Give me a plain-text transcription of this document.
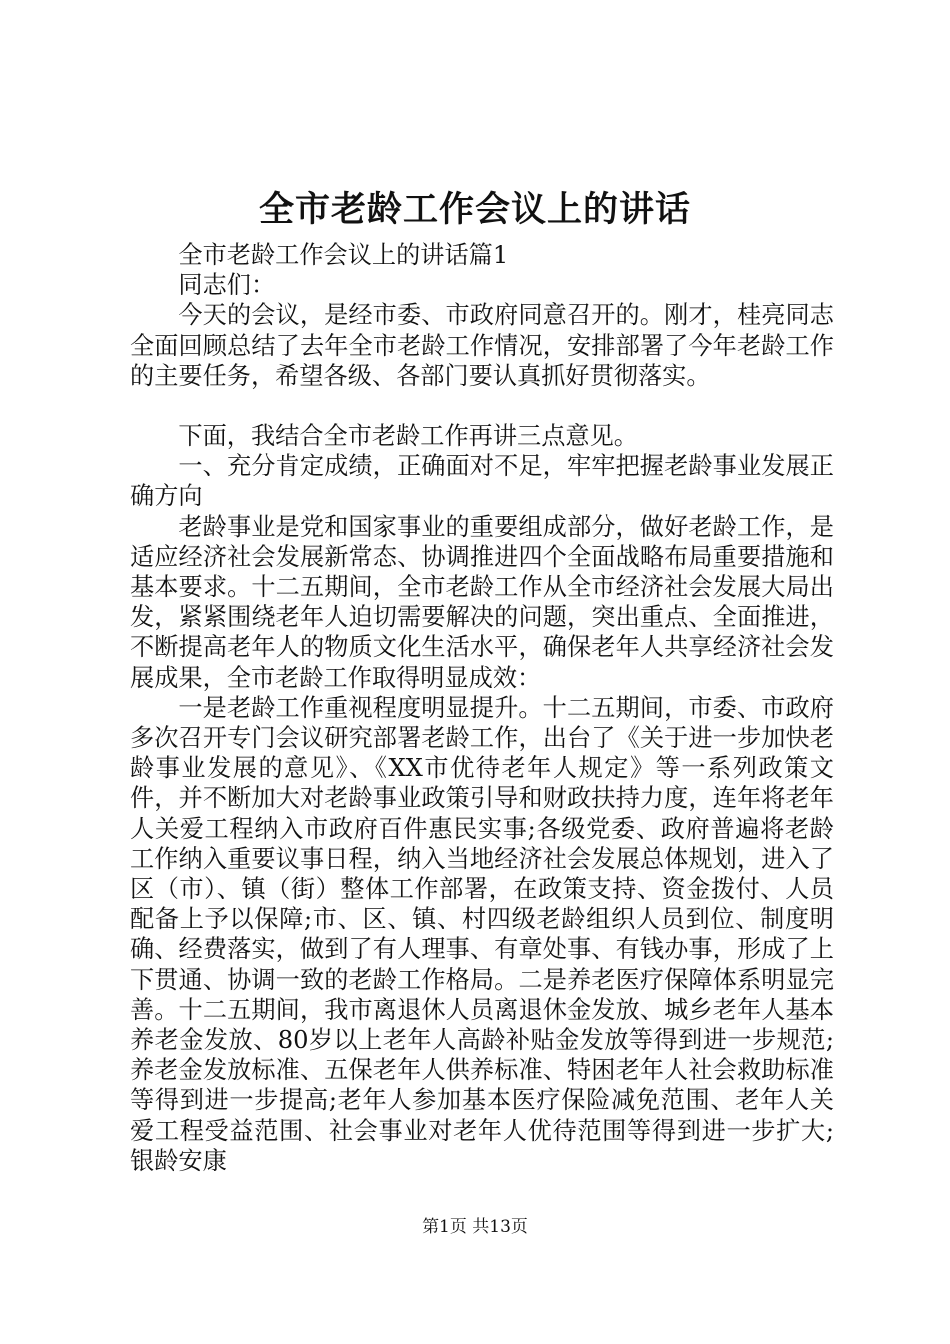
全市老龄工作会议上的讲话

全市老龄工作会议上的讲话篇1

同志们：

今天的会议，是经市委、市政府同意召开的。刚才，桂亮同志全面回顾总结了去年全市老龄工作情况，安排部署了今年老龄工作的主要任务，希望各级、各部门要认真抓好贯彻落实。

下面，我结合全市老龄工作再讲三点意见。

一、充分肯定成绩，正确面对不足，牢牢把握老龄事业发展正确方向

老龄事业是党和国家事业的重要组成部分，做好老龄工作，是适应经济社会发展新常态、协调推进四个全面战略布局重要措施和基本要求。十二五期间，全市老龄工作从全市经济社会发展大局出发，紧紧围绕老年人迫切需要解决的问题，突出重点、全面推进，不断提高老年人的物质文化生活水平，确保老年人共享经济社会发展成果，全市老龄工作取得明显成效：

一是老龄工作重视程度明显提升。十二五期间，市委、市政府多次召开专门会议研究部署老龄工作，出台了《关于进一步加快老龄事业发展的意见》、《XX市优待老年人规定》等一系列政策文件，并不断加大对老龄事业政策引导和财政扶持力度，连年将老年人关爱工程纳入市政府百件惠民实事;各级党委、政府普遍将老龄工作纳入重要议事日程，纳入当地经济社会发展总体规划，进入了区（市）、镇（街）整体工作部署，在政策支持、资金拨付、人员配备上予以保障;市、区、镇、村四级老龄组织人员到位、制度明确、经费落实，做到了有人理事、有章处事、有钱办事，形成了上下贯通、协调一致的老龄工作格局。二是养老医疗保障体系明显完善。十二五期间，我市离退休人员离退休金发放、城乡老年人基本养老金发放、80岁以上老年人高龄补贴金发放等得到进一步规范;养老金发放标准、五保老年人供养标准、特困老年人社会救助标准等得到进一步提高;老年人参加基本医疗保险减免范围、老年人关爱工程受益范围、社会事业对老年人优待范围等得到进一步扩大;银龄安康

第1页 共13页
